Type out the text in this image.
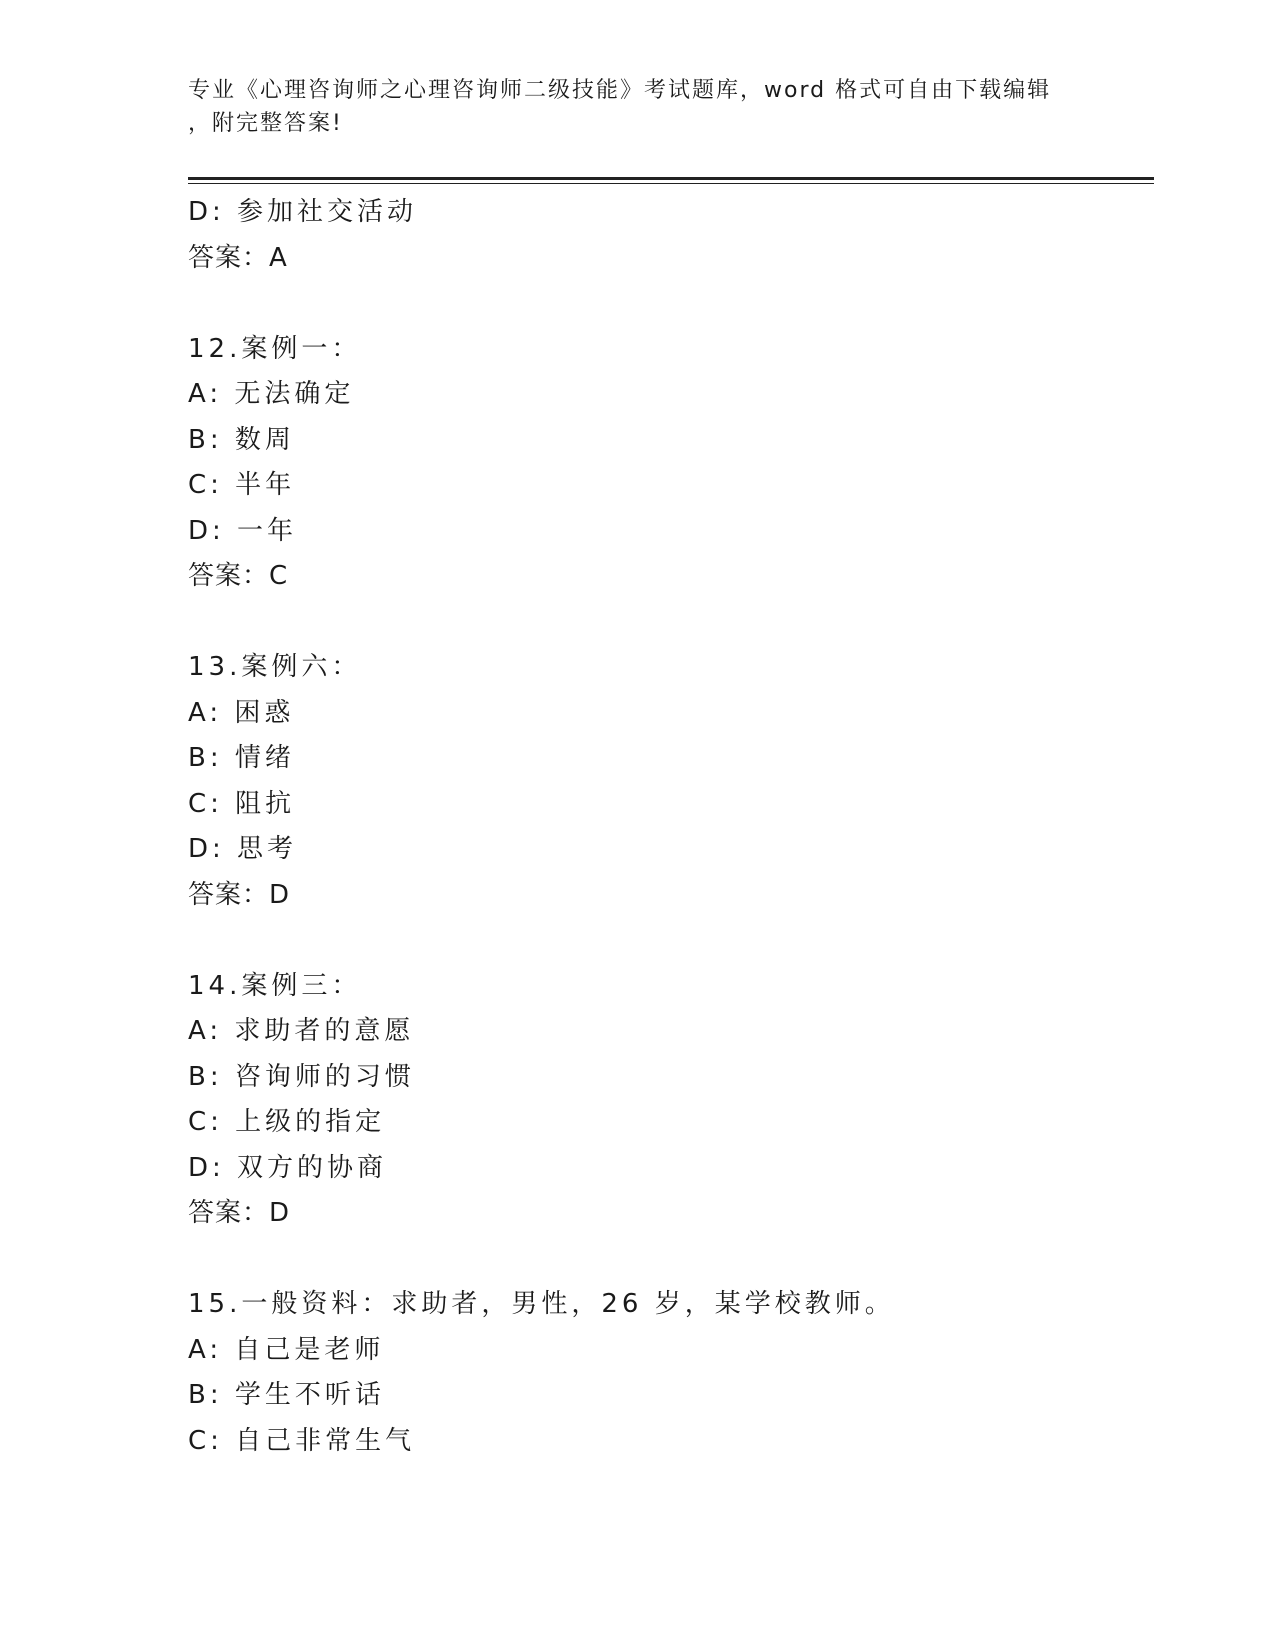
专业《心理咨询师之心理咨询师二级技能》考试题库，word 格式可自由下载编辑
，附完整答案!
D: 参加社交活动
答案：A
12.案例一：
A: 无法确定
B: 数周
C: 半年
D: 一年
答案：C
13.案例六：
A: 困惑
B: 情绪
C: 阻抗
D: 思考
答案：D
14.案例三：
A: 求助者的意愿
B: 咨询师的习惯
C: 上级的指定
D: 双方的协商
答案：D
15.一般资料：求助者，男性，26 岁，某学校教师。
A: 自己是老师
B: 学生不听话
C: 自己非常生气
